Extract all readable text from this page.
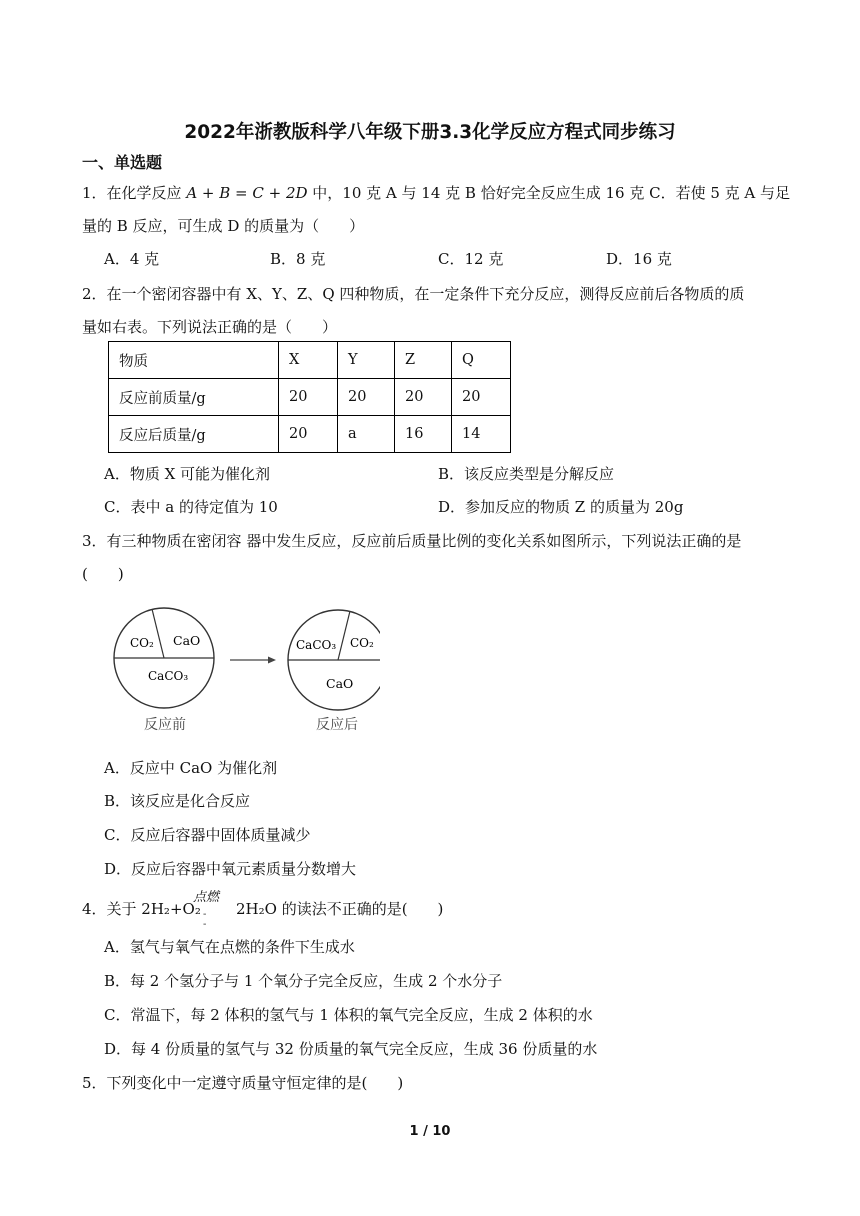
2022年浙教版科学八年级下册3.3化学反应方程式同步练习
一、单选题
1．在化学反应 A + B = C + 2D 中，10 克 A 与 14 克 B 恰好完全反应生成 16 克 C．若使 5 克 A 与足
量的 B 反应，可生成 D 的质量为（　　）
A．4 克	B．8 克	C．12 克	D．16 克
2．在一个密闭容器中有 X、Y、Z、Q 四种物质，在一定条件下充分反应，测得反应前后各物质的质
量如右表。下列说法正确的是（　　）
物质	X	Y	Z	Q
反应前质量/g	20	20	20	20
反应后质量/g	20	a	16	14
A．物质 X 可能为催化剂	B．该反应类型是分解反应
C．表中 a 的待定值为 10	D．参加反应的物质 Z 的质量为 20g
3．有三种物质在密闭容 器中发生反应，反应前后质量比例的变化关系如图所示，下列说法正确的是
(　　)
CO₂ CaO
CaCO₃
反应前
CaCO₃ CO₂
CaO
反应后
A．反应中 CaO 为催化剂
B．该反应是化合反应
C．反应后容器中固体质量减少
D．反应后容器中氧元素质量分数增大
4．关于 2H₂+O₂
点燃
-
-
2H₂O 的读法不正确的是(　　)
A．氢气与氧气在点燃的条件下生成水
B．每 2 个氢分子与 1 个氧分子完全反应，生成 2 个水分子
C．常温下，每 2 体积的氢气与 1 体积的氧气完全反应，生成 2 体积的水
D．每 4 份质量的氢气与 32 份质量的氧气完全反应，生成 36 份质量的水
5．下列变化中一定遵守质量守恒定律的是(　　)
1 / 10
